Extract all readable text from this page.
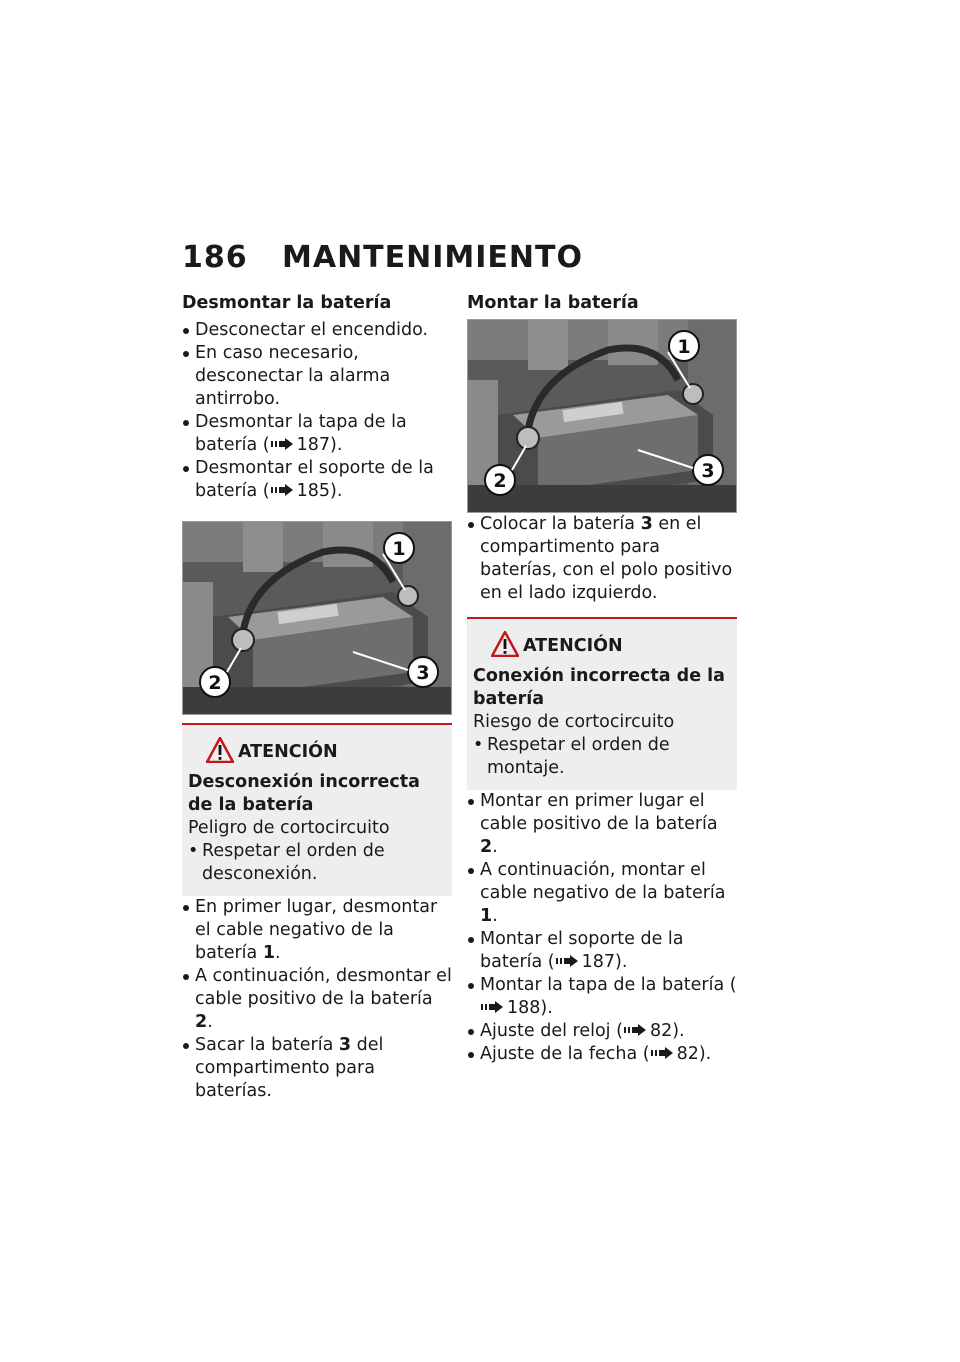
186 MANTENIMIENTO
Desmontar la batería
Desconectar el encendido.
En caso necesario, desconectar la alarma antirrobo.
Desmontar la tapa de la batería ( 187).
Desmontar el soporte de la batería ( 185).
1
2	3
ATENCIÓN
Desconexión incorrecta de la batería
Peligro de cortocircuito
• Respetar el orden de desconexión.
En primer lugar, desmontar el cable negativo de la batería 1.
A continuación, desmontar el cable positivo de la batería 2.
Sacar la batería 3 del compartimento para baterías.
Montar la batería
1
2	3
Colocar la batería 3 en el compartimento para baterías, con el polo positivo en el lado izquierdo.
ATENCIÓN
Conexión incorrecta de la batería
Riesgo de cortocircuito
• Respetar el orden de montaje.
Montar en primer lugar el cable positivo de la batería 2.
A continuación, montar el cable negativo de la batería 1.
Montar el soporte de la batería ( 187).
Montar la tapa de la batería (188).
Ajuste del reloj ( 82).
Ajuste de la fecha ( 82).
